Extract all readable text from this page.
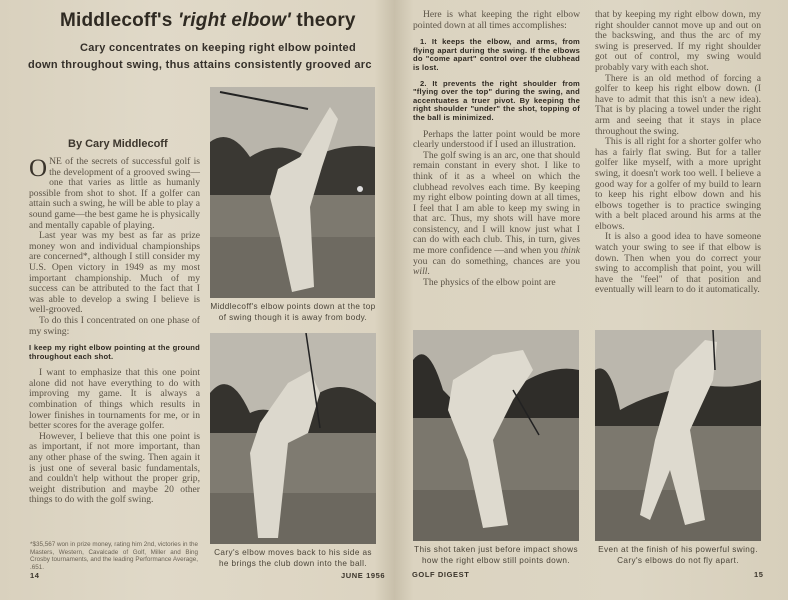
Middlecoff's 'right elbow' theory
Cary concentrates on keeping right elbow pointed down throughout swing, thus attains consistently grooved arc
By Cary Middlecoff

ONE of the secrets of successful golf is the development of a grooved swing—one that varies as little as humanly possible from shot to shot. If a golfer can attain such a swing, he will be able to play a sound game—the best game he is physically and mentally capable of playing.

Last year was my best as far as prize money won and individual championships are concerned*, although I still consider my U.S. Open victory in 1949 as my most important championship. Much of my success can be attributed to the fact that I was able to develop a swing I believe is well-grooved.

To do this I concentrated on one phase of my swing:

I keep my right elbow pointing at the ground throughout each shot.

I want to emphasize that this one point alone did not have everything to do with improving my game. It is always a combination of things which results in lower finishes in tournaments for me, or in better scores for the average golfer.

However, I believe that this one point is as important, if not more important, than any other phase of the swing. Then again it is just one of several basic fundamentals, and couldn't help without the proper grip, weight distribution and maybe 20 other things to do with the golf swing.

*$35,567 won in prize money, rating him 2nd, victories in the Masters, Western, Cavalcade of Golf, Miller and Bing Crosby tournaments, and the leading Performance Average, .651.

Here is what keeping the right elbow pointed down at all times accomplishes:

1. It keeps the elbow, and arms, from flying apart during the swing. If the elbows do "come apart" control over the clubhead is lost.

2. It prevents the right shoulder from "flying over the top" during the swing, and accentuates a truer pivot. By keeping the right shoulder "under" the shot, topping of the ball is minimized.

Perhaps the latter point would be more clearly understood if I used an illustration.

The golf swing is an arc, one that should remain constant in every shot. I like to think of it as a wheel on which the clubhead revolves each time. By keeping my right elbow pointing down at all times, I feel that I am able to keep my swing in that arc. Thus, my shots will have more consistency, and I will know just what I can do with each club. This, in turn, gives me more confidence —and when you think you can do something, chances are you will.

The physics of the elbow point are

that by keeping my right elbow down, my right shoulder cannot move up and out on the backswing, and thus the arc of my swing is preserved. If my right shoulder got out of control, my swing would probably vary with each shot.

There is an old method of forcing a golfer to keep his right elbow down. (I have to admit that this isn't a new idea). That is by placing a towel under the right arm and seeing that it stays in place throughout the swing.

This is all right for a shorter golfer who has a fairly flat swing. But for a taller golfer like myself, with a more upright swing, it doesn't work too well. I believe a good way for a golfer of my build to learn to keep his right elbow down and his elbows together is to practice swinging with a belt placed around his arms at the elbows.

It is also a good idea to have someone watch your swing to see if that elbow is down. Then when you do correct your swing to accomplish that point, you will have the "feel" of that position and eventually will learn to do it automatically.

Middlecoff's elbow points down at the top of swing though it is away from body.
Cary's elbow moves back to his side as he brings the club down into the ball.
This shot taken just before impact shows how the right elbow still points down.
Even at the finish of his powerful swing. Cary's elbows do not fly apart.
14	JUNE 1956	GOLF DIGEST	15
